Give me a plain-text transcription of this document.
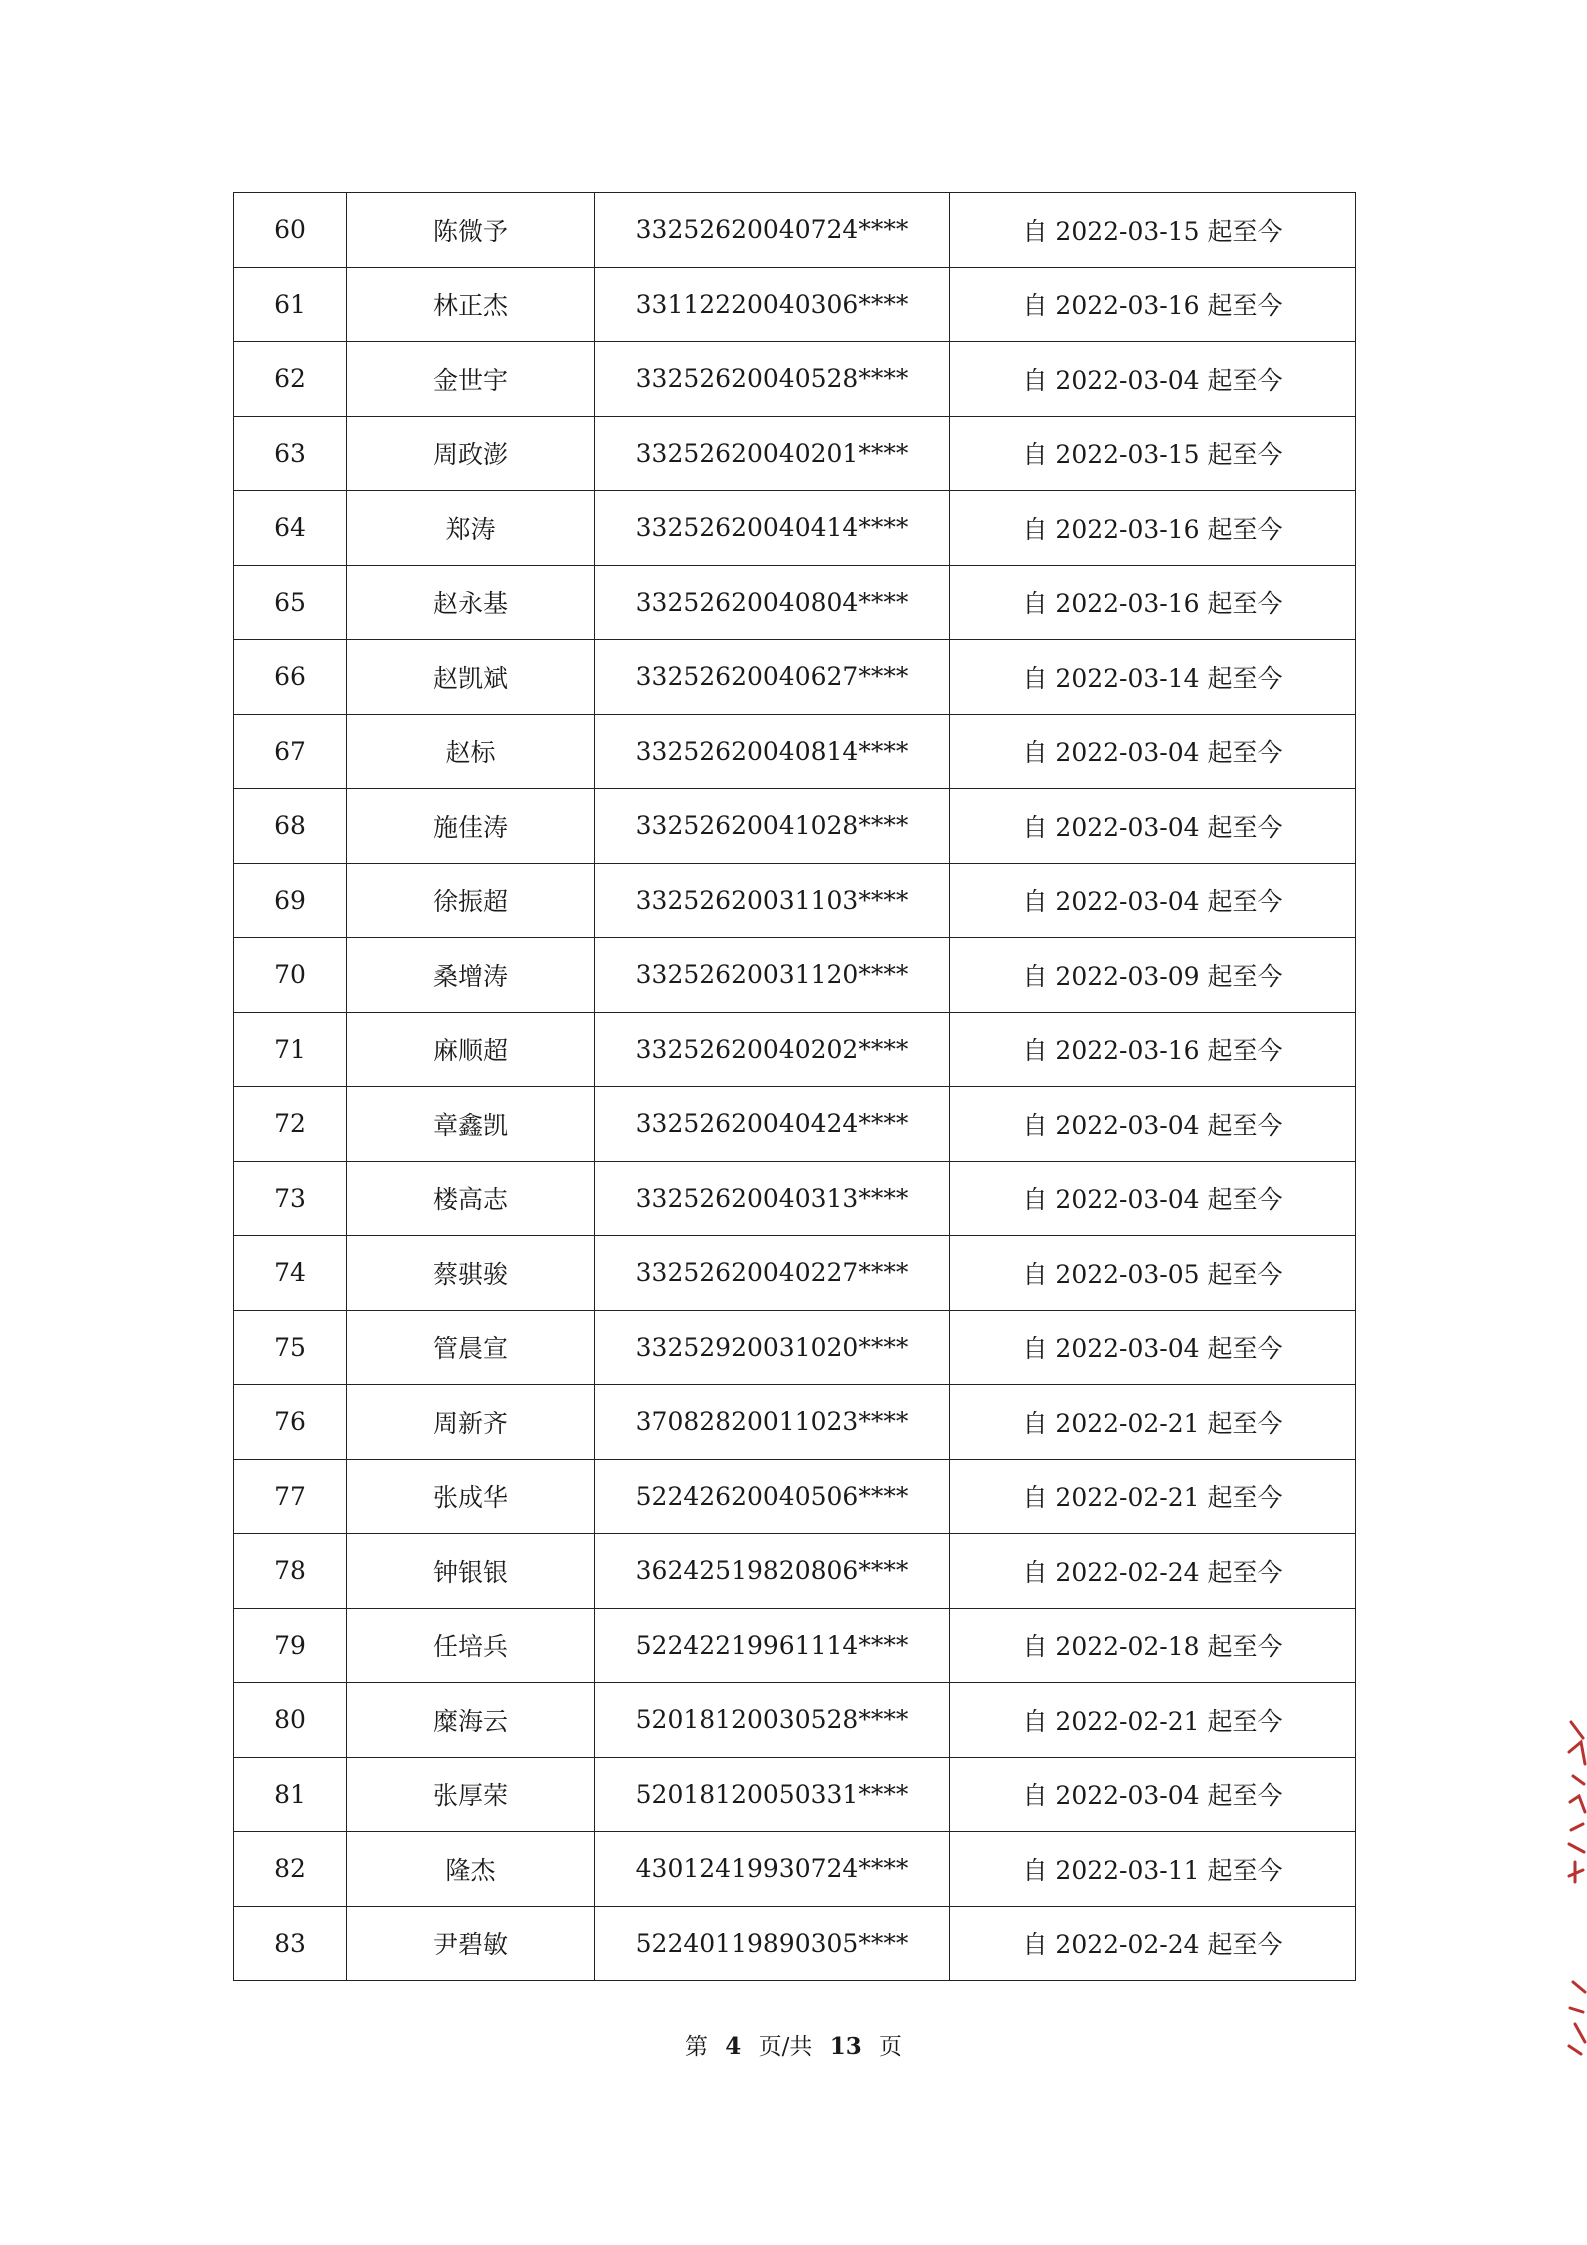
60	陈微予	33252620040724****	自 2022-03-15 起至今
61	林正杰	33112220040306****	自 2022-03-16 起至今
62	金世宇	33252620040528****	自 2022-03-04 起至今
63	周政澎	33252620040201****	自 2022-03-15 起至今
64	郑涛	33252620040414****	自 2022-03-16 起至今
65	赵永基	33252620040804****	自 2022-03-16 起至今
66	赵凯斌	33252620040627****	自 2022-03-14 起至今
67	赵标	33252620040814****	自 2022-03-04 起至今
68	施佳涛	33252620041028****	自 2022-03-04 起至今
69	徐振超	33252620031103****	自 2022-03-04 起至今
70	桑增涛	33252620031120****	自 2022-03-09 起至今
71	麻顺超	33252620040202****	自 2022-03-16 起至今
72	章鑫凯	33252620040424****	自 2022-03-04 起至今
73	楼高志	33252620040313****	自 2022-03-04 起至今
74	蔡骐骏	33252620040227****	自 2022-03-05 起至今
75	管晨宣	33252920031020****	自 2022-03-04 起至今
76	周新齐	37082820011023****	自 2022-02-21 起至今
77	张成华	52242620040506****	自 2022-02-21 起至今
78	钟银银	36242519820806****	自 2022-02-24 起至今
79	任培兵	52242219961114****	自 2022-02-18 起至今
80	糜海云	52018120030528****	自 2022-02-21 起至今
81	张厚荣	52018120050331****	自 2022-03-04 起至今
82	隆杰	43012419930724****	自 2022-03-11 起至今
83	尹碧敏	52240119890305****	自 2022-02-24 起至今
第 4 页/共 13 页
